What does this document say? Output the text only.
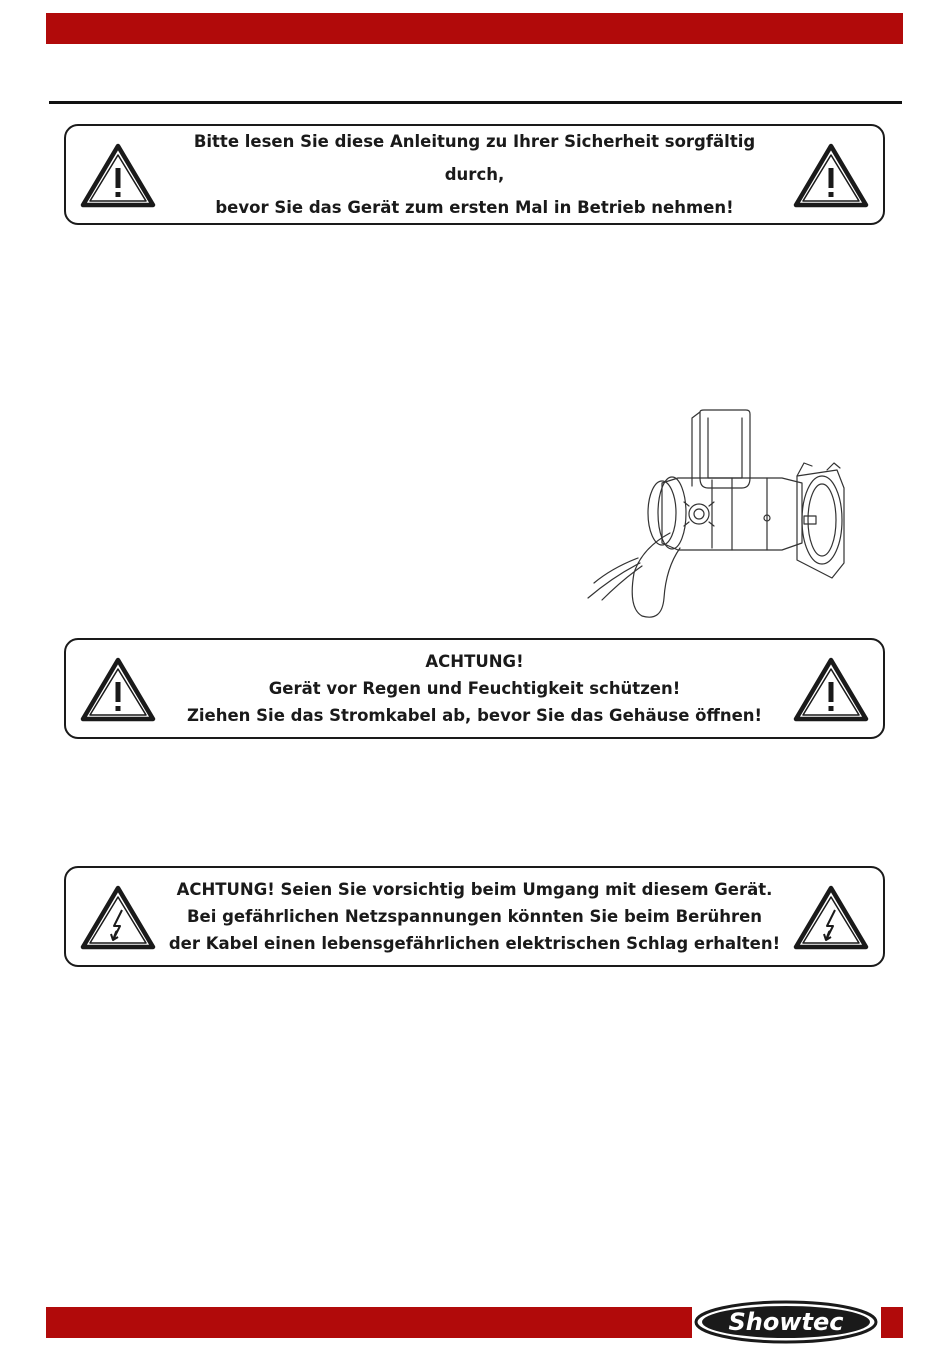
Bitte lesen Sie diese Anleitung zu Ihrer Sicherheit sorgfältig durch,
bevor Sie das Gerät zum ersten Mal in Betrieb nehmen!
ACHTUNG!
Gerät vor Regen und Feuchtigkeit schützen!
Ziehen Sie das Stromkabel ab, bevor Sie das Gehäuse öffnen!
ACHTUNG! Seien Sie vorsichtig beim Umgang mit diesem Gerät.
Bei gefährlichen Netzspannungen könnten Sie beim Berühren
der Kabel einen lebensgefährlichen elektrischen Schlag erhalten!
Showtec
